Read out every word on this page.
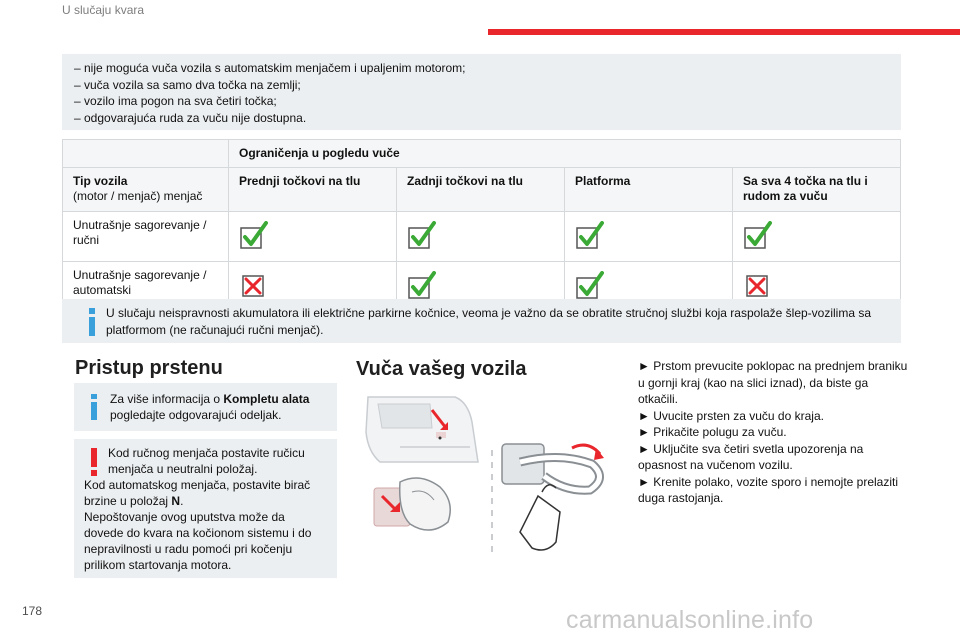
U slučaju kvara
– nije moguća vuča vozila s automatskim menjačem i upaljenim motorom;
– vuča vozila sa samo dva točka na zemlji;
– vozilo ima pogon na sva četiri točka;
– odgovarajuća ruda za vuču nije dostupna.
	Ograničenja u pogledu vuče			
Tip vozila
(motor / menjač) menjač	Prednji točkovi na tlu	Zadnji točkovi na tlu	Platforma	Sa sva 4 točka na tlu i rudom za vuču
Unutrašnje sagorevanje / ručni				
Unutrašnje sagorevanje / automatski				
U slučaju neispravnosti akumulatora ili električne parkirne kočnice, veoma je važno da se obratite stručnoj službi koja raspolaže šlep-vozilima sa platformom (ne računajući ručni menjač).
Pristup prstenu
Za više informacija o Kompletu alata pogledajte odgovarajući odeljak.
Kod ručnog menjača postavite ručicu
menjača u neutralni položaj.
Kod automatskog menjača, postavite birač brzine u položaj N.
Nepoštovanje ovog uputstva može da dovede do kvara na kočionom sistemu i do nepravilnosti u radu pomoći pri kočenju prilikom startovanja motora.
Vuča vašeg vozila	► Prstom prevucite poklopac na prednjem braniku u gornji kraj (kao na slici iznad), da biste ga otkačili.
► Uvucite prsten za vuču do kraja.
► Prikačite polugu za vuču.
► Uključite sva četiri svetla upozorenja na opasnost na vučenom vozilu.
► Krenite polako, vozite sporo i nemojte prelaziti duga rastojanja.
178	carmanualsonline.info
